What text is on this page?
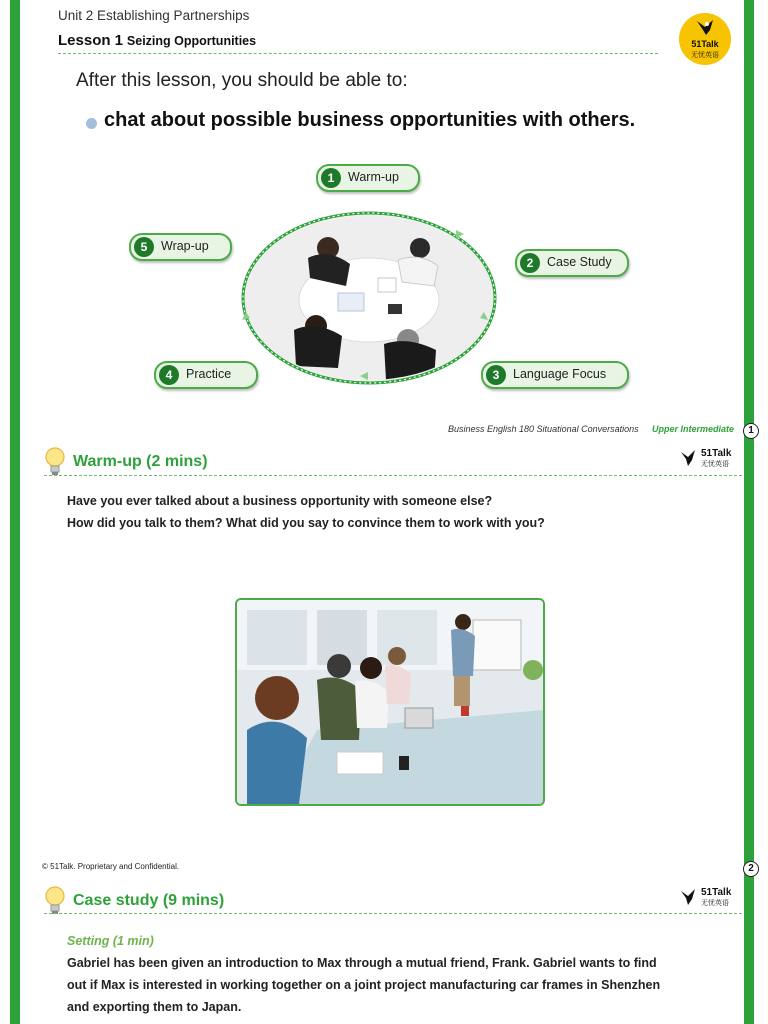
Unit 2 Establishing Partnerships
Lesson 1 Seizing Opportunities	51Talk
无忧英语
After this lesson, you should be able to:
chat about possible business opportunities with others.
1	Warm-up
2	Case Study
3	Language Focus
4	Practice
5	Wrap-up
Business English 180 Situational Conversations Upper Intermediate	1
Warm-up (2 mins)	51Talk
无忧英语
Have you ever talked about a business opportunity with someone else?
How did you talk to them? What did you say to convince them to work with you?
© 51Talk. Proprietary and Confidential.	2
Case study (9 mins)	51Talk
无忧英语
Setting (1 min)
Gabriel has been given an introduction to Max through a mutual friend, Frank. Gabriel wants to find
out if Max is interested in working together on a joint project manufacturing car frames in Shenzhen
and exporting them to Japan.
